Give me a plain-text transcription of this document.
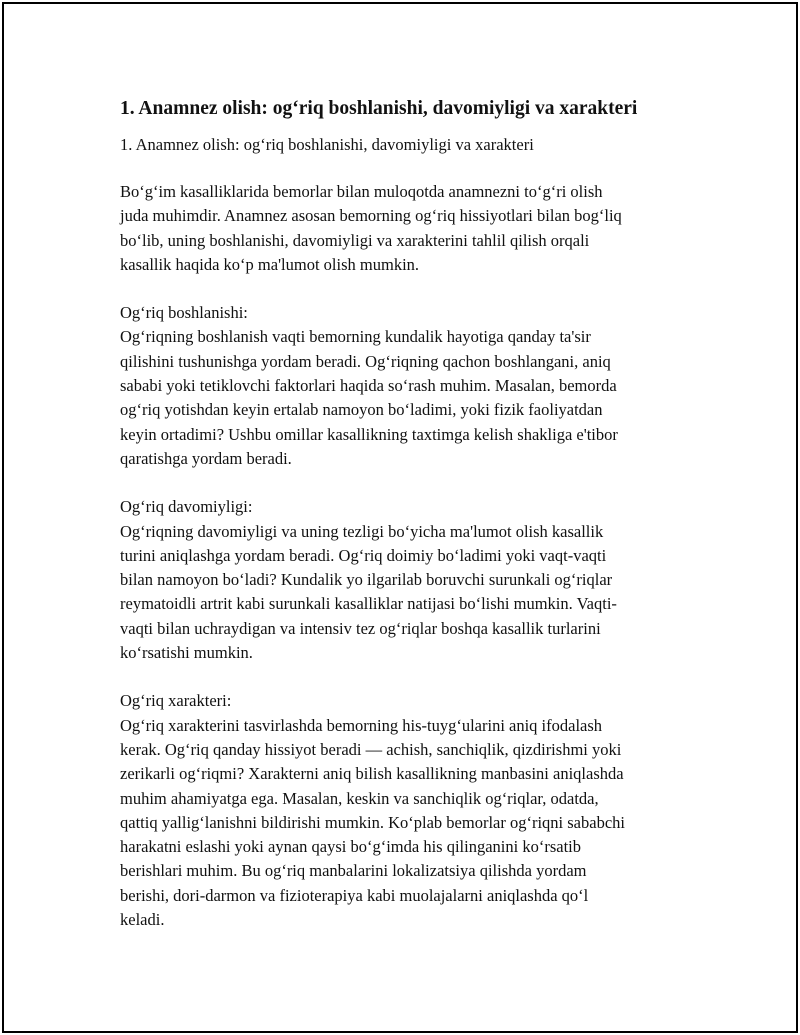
1. Anamnez olish: og‘riq boshlanishi, davomiyligi va xarakteri

1. Anamnez olish: og‘riq boshlanishi, davomiyligi va xarakteri

Bo‘g‘im kasalliklarida bemorlar bilan muloqotda anamnezni to‘g‘ri olish
juda muhimdir. Anamnez asosan bemorning og‘riq hissiyotlari bilan bog‘liq
bo‘lib, uning boshlanishi, davomiyligi va xarakterini tahlil qilish orqali
kasallik haqida ko‘p ma'lumot olish mumkin.
Og‘riq boshlanishi:
Og‘riqning boshlanish vaqti bemorning kundalik hayotiga qanday ta'sir
qilishini tushunishga yordam beradi. Og‘riqning qachon boshlangani, aniq
sababi yoki tetiklovchi faktorlari haqida so‘rash muhim. Masalan, bemorda
og‘riq yotishdan keyin ertalab namoyon bo‘ladimi, yoki fizik faoliyatdan
keyin ortadimi? Ushbu omillar kasallikning taxtimga kelish shakliga e'tibor
qaratishga yordam beradi.
Og‘riq davomiyligi:
Og‘riqning davomiyligi va uning tezligi bo‘yicha ma'lumot olish kasallik
turini aniqlashga yordam beradi. Og‘riq doimiy bo‘ladimi yoki vaqt-vaqti
bilan namoyon bo‘ladi? Kundalik yo ilgarilab boruvchi surunkali og‘riqlar
reymatoidli artrit kabi surunkali kasalliklar natijasi bo‘lishi mumkin. Vaqti-
vaqti bilan uchraydigan va intensiv tez og‘riqlar boshqa kasallik turlarini
ko‘rsatishi mumkin.
Og‘riq xarakteri:
Og‘riq xarakterini tasvirlashda bemorning his-tuyg‘ularini aniq ifodalash
kerak. Og‘riq qanday hissiyot beradi — achish, sanchiqlik, qizdirishmi yoki
zerikarli og‘riqmi? Xarakterni aniq bilish kasallikning manbasini aniqlashda
muhim ahamiyatga ega. Masalan, keskin va sanchiqlik og‘riqlar, odatda,
qattiq yallig‘lanishni bildirishi mumkin. Ko‘plab bemorlar og‘riqni sababchi
harakatni eslashi yoki aynan qaysi bo‘g‘imda his qilinganini ko‘rsatib
berishlari muhim. Bu og‘riq manbalarini lokalizatsiya qilishda yordam
berishi, dori-darmon va fizioterapiya kabi muolajalarni aniqlashda qo‘l
keladi.
